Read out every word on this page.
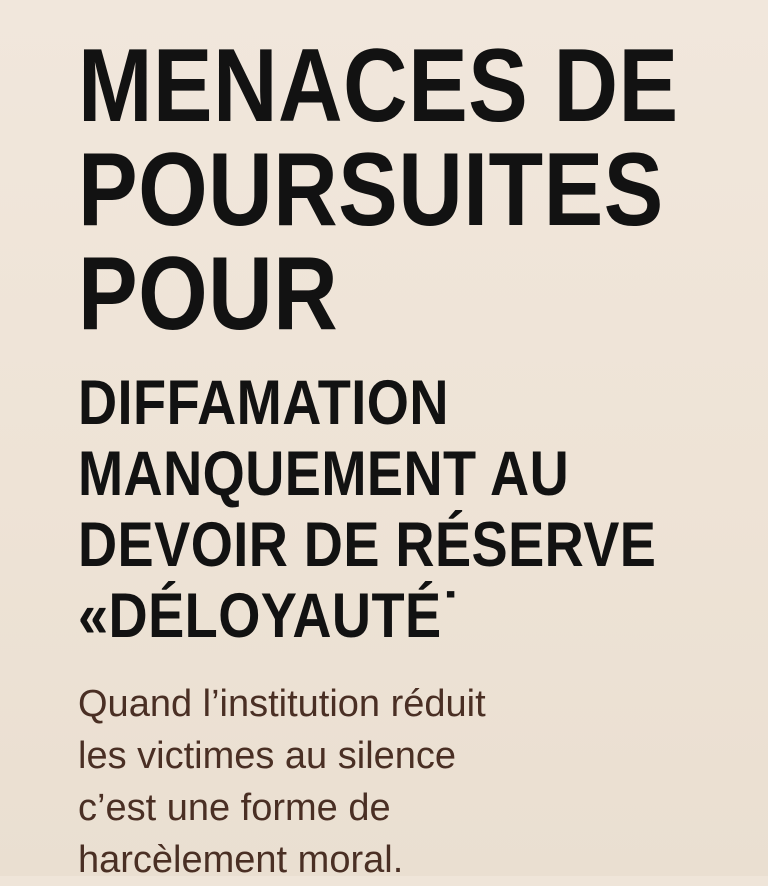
MENACES DE
POURSUITES
POUR
DIFFAMATION
MANQUEMENT AU
DEVOIR DE RÉSERVE
«DÉLOYAUTÉ˙

Quand l’institution réduit
les victimes au silence
c’est une forme de
harcèlement moral.
